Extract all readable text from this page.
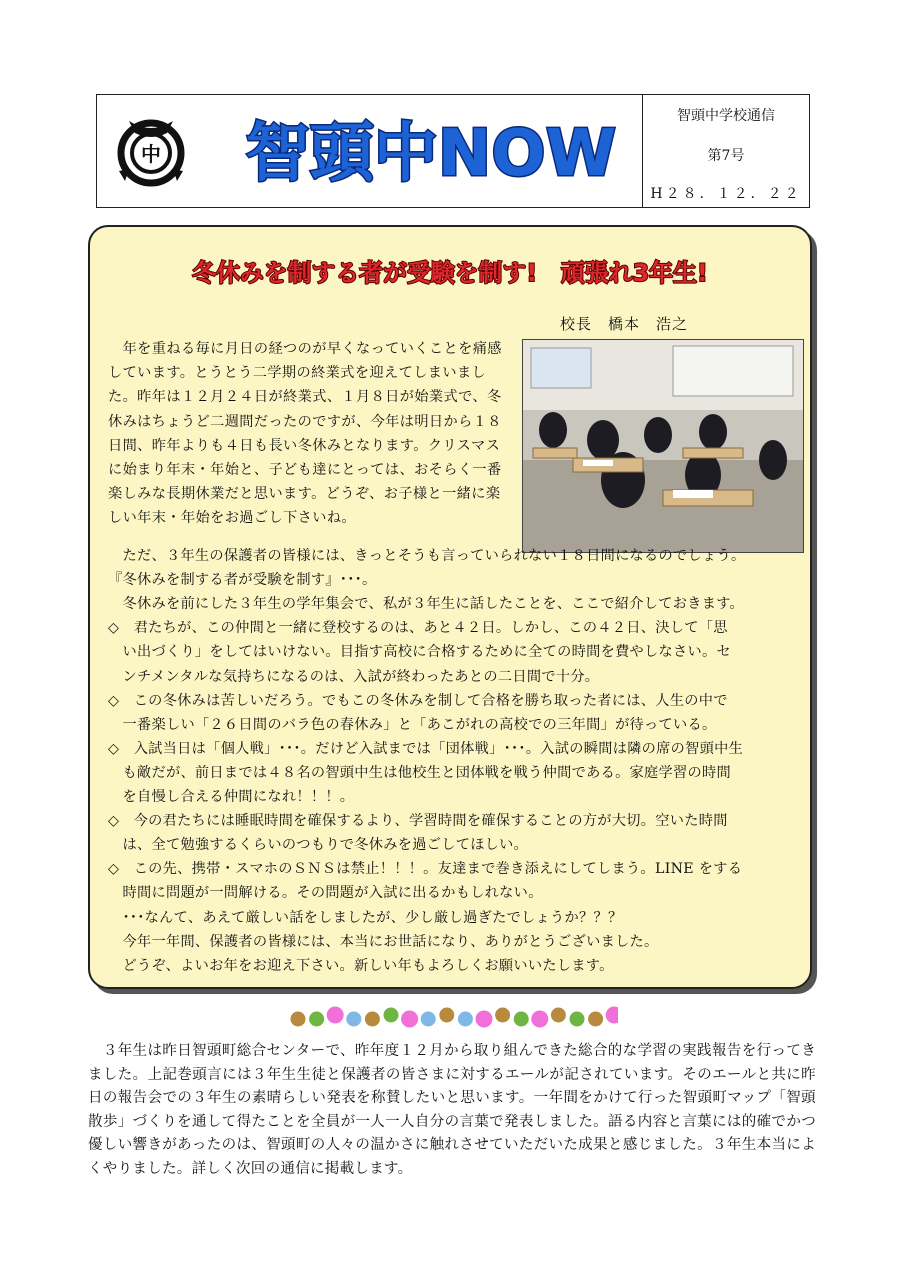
中 智頭中NOW
智頭中学校通信
第7号
H２８．１２．２２
冬休みを制する者が受験を制す!　頑張れ3年生!
校長　橋本　浩之
　年を重ねる毎に月日の経つのが早くなっていくことを痛感しています。とうとう二学期の終業式を迎えてしまいました。昨年は１２月２４日が終業式、１月８日が始業式で、冬休みはちょうど二週間だったのですが、今年は明日から１８日間、昨年よりも４日も長い冬休みとなります。クリスマスに始まり年末・年始と、子ども達にとっては、おそらく一番楽しみな長期休業だと思います。どうぞ、お子様と一緒に楽しい年末・年始をお過ごし下さいね。
　ただ、３年生の保護者の皆様には、きっとそうも言っていられない１８日間になるのでしょう。
『冬休みを制する者が受験を制す』･･･。
　冬休みを前にした３年生の学年集会で、私が３年生に話したことを、ここで紹介しておきます。
◇　君たちが、この仲間と一緒に登校するのは、あと４２日。しかし、この４２日、決して「思
　い出づくり」をしてはいけない。目指す高校に合格するために全ての時間を費やしなさい。セ
　ンチメンタルな気持ちになるのは、入試が終わったあとの二日間で十分。
◇　この冬休みは苦しいだろう。でもこの冬休みを制して合格を勝ち取った者には、人生の中で
　一番楽しい「２６日間のバラ色の春休み」と「あこがれの高校での三年間」が待っている。
◇　入試当日は「個人戦」･･･。だけど入試までは「団体戦」･･･。入試の瞬間は隣の席の智頭中生
　も敵だが、前日までは４８名の智頭中生は他校生と団体戦を戦う仲間である。家庭学習の時間
　を自慢し合える仲間になれ！！！。
◇　今の君たちには睡眠時間を確保するより、学習時間を確保することの方が大切。空いた時間
　は、全て勉強するくらいのつもりで冬休みを過ごしてほしい。
◇　この先、携帯・スマホのＳＮＳは禁止！！！。友達まで巻き添えにしてしまう。LINE をする
　時間に問題が一問解ける。その問題が入試に出るかもしれない。
　･･･なんて、あえて厳しい話をしましたが、少し厳し過ぎたでしょうか？？？
　今年一年間、保護者の皆様には、本当にお世話になり、ありがとうございました。
　どうぞ、よいお年をお迎え下さい。新しい年もよろしくお願いいたします。
　３年生は昨日智頭町総合センターで、昨年度１２月から取り組んできた総合的な学習の実践報告を行ってきました。上記巻頭言には３年生生徒と保護者の皆さまに対するエールが記されています。そのエールと共に昨日の報告会での３年生の素晴らしい発表を称賛したいと思います。一年間をかけて行った智頭町マップ「智頭散歩」づくりを通して得たことを全員が一人一人自分の言葉で発表しました。語る内容と言葉には的確でかつ優しい響きがあったのは、智頭町の人々の温かさに触れさせていただいた成果と感じました。３年生本当によくやりました。詳しく次回の通信に掲載します。
